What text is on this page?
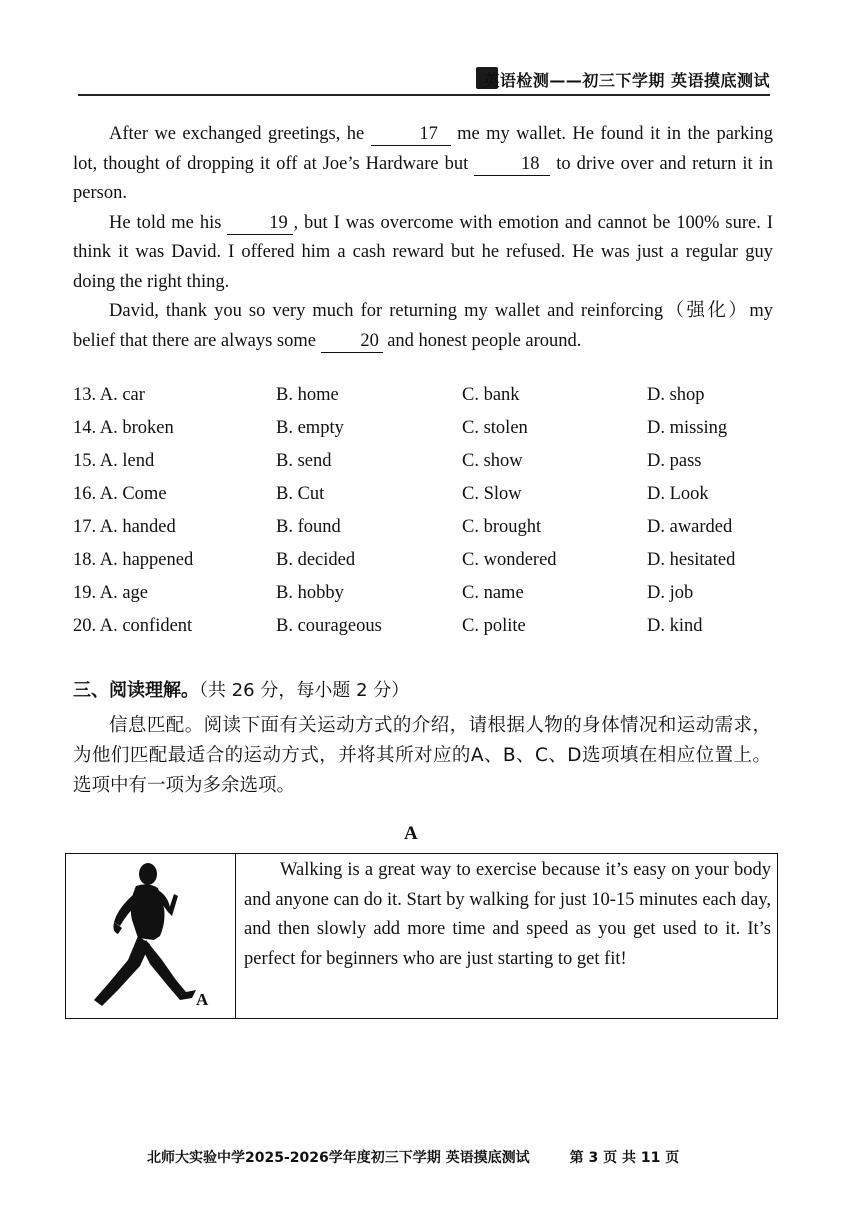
英语检测——初三下学期 英语摸底测试

After we exchanged greetings, he	17 me my wallet. He found it in the parking lot, thought of dropping it off at Joe’s Hardware but	18 to drive over and return it in person.

He told me his 19 , but I was overcome with emotion and cannot be 100% sure. I think it was David. I offered him a cash reward but he refused. He was just a regular guy doing the right thing.

David, thank you so very much for returning my wallet and reinforcing（强化）my belief that there are always some 20 and honest people around.

13. A. car	B. home	C. bank	D. shop
14. A. broken	B. empty	C. stolen	D. missing
15. A. lend	B. send	C. show	D. pass
16. A. Come	B. Cut	C. Slow	D. Look
17. A. handed	B. found	C. brought	D. awarded
18. A. happened	B. decided	C. wondered	D. hesitated
19. A. age	B. hobby	C. name	D. job
20. A. confident	B. courageous	C. polite	D. kind
三、阅读理解。（共 26 分，每小题 2 分）

信息匹配。阅读下面有关运动方式的介绍，请根据人物的身体情况和运动需求，为他们匹配最适合的运动方式，并将其所对应的A、B、C、D选项填在相应位置上。选项中有一项为多余选项。

A
A

Walking is a great way to exercise because it’s easy on your body and anyone can do it. Start by walking for just 10-15 minutes each day, and then slowly add more time and speed as you get used to it. It’s perfect for beginners who are just starting to get fit!

北师大实验中学2025-2026学年度初三下学期 英语摸底测试	第 3 页 共 11 页
